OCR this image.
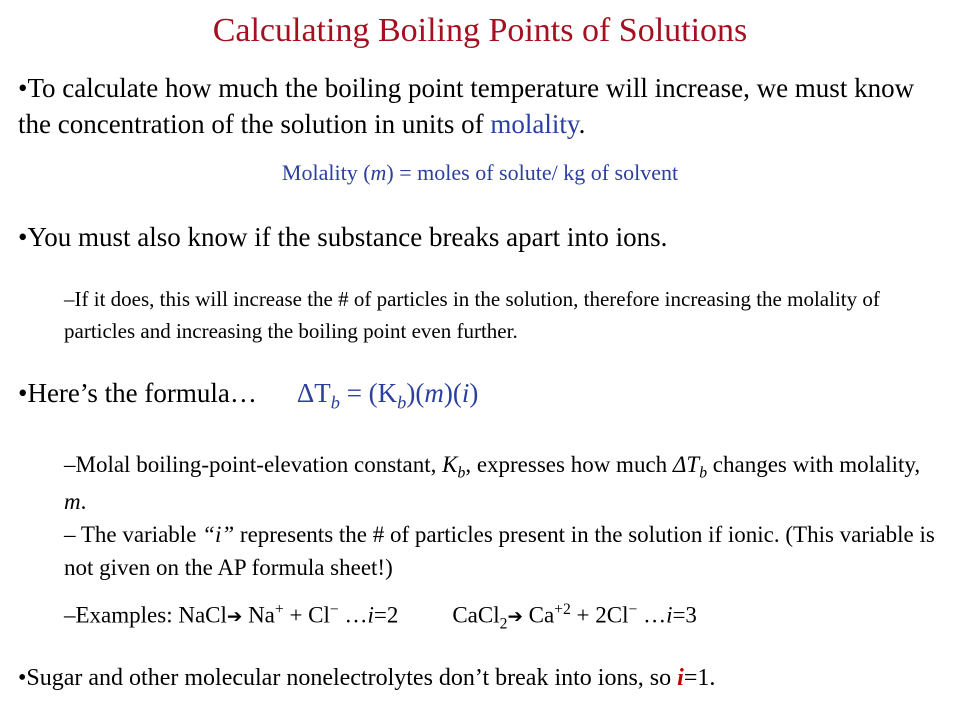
Calculating Boiling Points of Solutions
•To calculate how much the boiling point temperature will increase, we must know the concentration of the solution in units of molality.
Molality (m) = moles of solute/ kg of solvent
•You must also know if the substance breaks apart into ions.
–If it does, this will increase the # of particles in the solution, therefore increasing the molality of particles and increasing the boiling point even further.
•Here’s the formula… $\Delta T_b = (K_b)(m)(i)$
–Molal boiling-point-elevation constant, $K_b$, expresses how much $\Delta T_b$ changes with molality, m.
– The variable “i” represents the # of particles present in the solution if ionic. (This variable is not given on the AP formula sheet!)
–Examples: NaCl➔ Na+ + Cl− …i=2 CaCl$_2$➔ $Ca^{+2} + 2Cl^-$ …i=3
•Sugar and other molecular nonelectrolytes don’t break into ions, so i=1.
